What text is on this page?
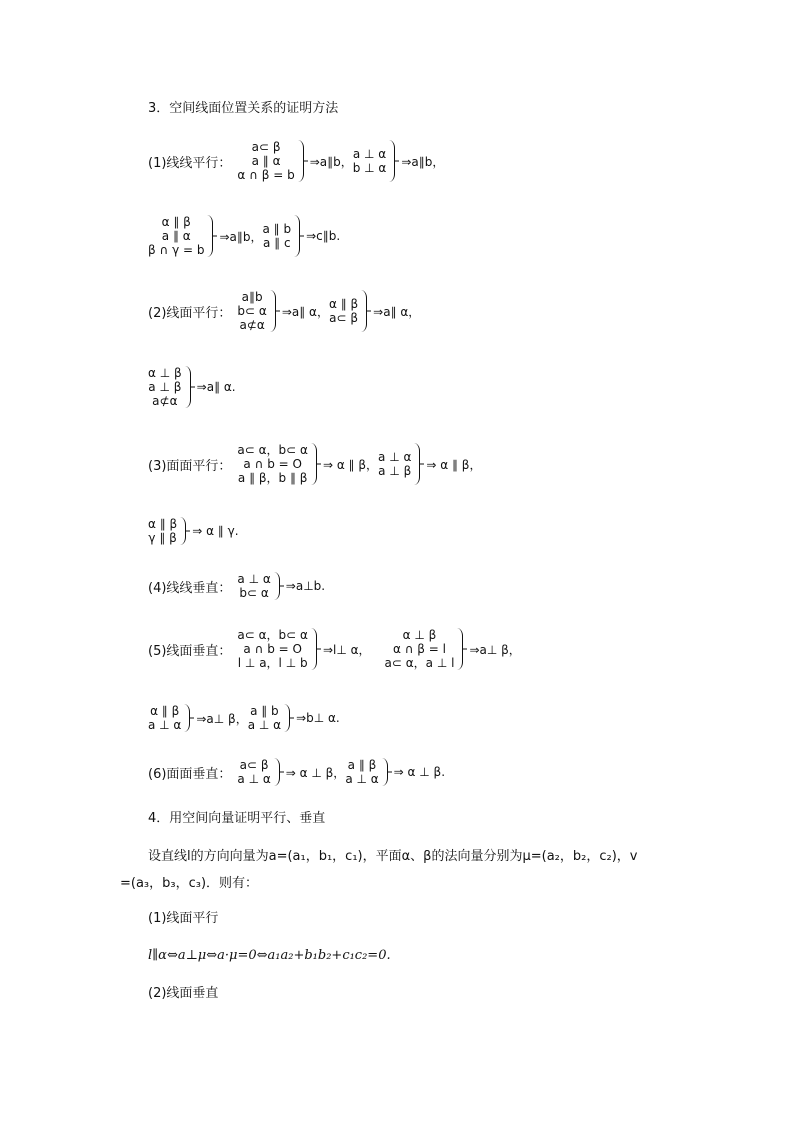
3．空间线面位置关系的证明方法
(1)线线平行：
a⊂ β
a ∥ α
α ∩ β = b
⇒a∥b，
a ⊥ α
b ⊥ α ⇒a∥b，
α ∥ β
a ∥ α
β ∩ γ = b
⇒a∥b，
a ∥ b
a ∥ c ⇒c∥b.
(2)线面平行：
a∥b
b⊂ α
a⊄α
⇒a∥ α，
α ∥ β
a⊂ β ⇒a∥ α，
α ⊥ β
a ⊥ β
a⊄α
⇒a∥ α.
(3)面面平行：
a⊂ α，b⊂ α
a ∩ b = O
a ∥ β，b ∥ β
⇒ α ∥ β，
a ⊥ α
a ⊥ β ⇒ α ∥ β，
α ∥ β
γ ∥ β ⇒ α ∥ γ.
(4)线线垂直：
a ⊥ α
b⊂ α ⇒a⊥b.
(5)线面垂直：
a⊂ α，b⊂ α
a ∩ b = O
l ⊥ a，l ⊥ b
⇒l⊥ α，
α ⊥ β
α ∩ β = l
a⊂ α，a ⊥ l
⇒a⊥ β，
α ∥ β
a ⊥ α ⇒a⊥ β，
a ∥ b
a ⊥ α ⇒b⊥ α.
(6)面面垂直：
a⊂ β
a ⊥ α ⇒ α ⊥ β，
a ∥ β
a ⊥ α ⇒ α ⊥ β.
4．用空间向量证明平行、垂直
设直线l的方向向量为a=(a₁，b₁，c₁)，平面α、β的法向量分别为μ=(a₂，b₂，c₂)，v
=(a₃，b₃，c₃)．则有：
(1)线面平行
l∥α⇔a⊥μ⇔a·μ=0⇔a₁a₂+b₁b₂+c₁c₂=0.
(2)线面垂直
